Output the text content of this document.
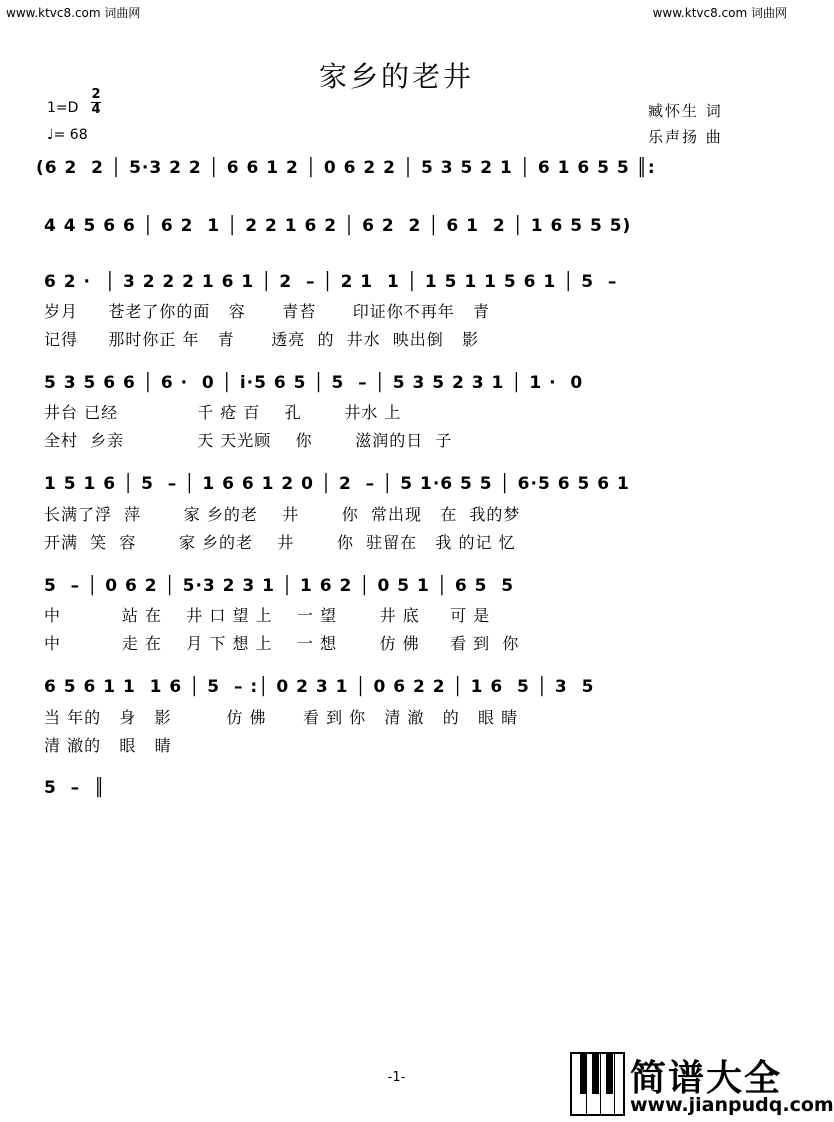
www.ktvc8.com 词曲网	www.ktvc8.com 词曲网
家乡的老井
1=D
2
4
♩= 68
臧怀生 词
乐声扬 曲
(6 2  2 │ 5·3 2 2 │ 6 6 1 2 │ 0 6 2 2 │ 5 3 5 2 1 │ 6 1 6 5 5 ║:
4 4 5 6 6 │ 6 2  1 │ 2 2 1 6 2 │ 6 2  2 │ 6 1  2 │ 1 6 5 5 5)
6 2 ·  │ 3 2 2 2 1 6 1 │ 2  – │ 2 1  1 │ 1 5 1 1 5 6 1 │ 5  –
岁月     苍老了你的面   容      青苔      印证你不再年   青
记得     那时你正 年   青      透亮  的  井水  映出倒   影
5 3 5 6 6 │ 6 ·  0 │ i·5 6 5 │ 5  – │ 5 3 5 2 3 1 │ 1 ·  0
井台 已经             千 疮 百    孔       井水 上
全村  乡亲            天 天光顾    你       滋润的日  子
1 5 1 6 │ 5  – │ 1 6 6 1 2 0 │ 2  – │ 5 1·6 5 5 │ 6·5 6 5 6 1
长满了浮  萍       家 乡的老    井       你  常出现   在  我的梦
开满  笑  容       家 乡的老    井       你  驻留在   我 的记 忆
5  – │ 0 6 2 │ 5·3 2 3 1 │ 1 6 2 │ 0 5 1 │ 6 5  5
中          站 在    井 口 望 上    一 望       井 底     可 是
中          走 在    月 下 想 上    一 想       仿 佛     看 到  你
6 5 6 1 1  1 6 │ 5  – :│ 0 2 3 1 │ 0 6 2 2 │ 1 6  5 │ 3  5
当 年的   身   影         仿 佛      看 到 你   清 澈   的   眼 睛
清 澈的   眼   睛
5  –  ║
-1-	简谱大全
www.jianpudq.com
